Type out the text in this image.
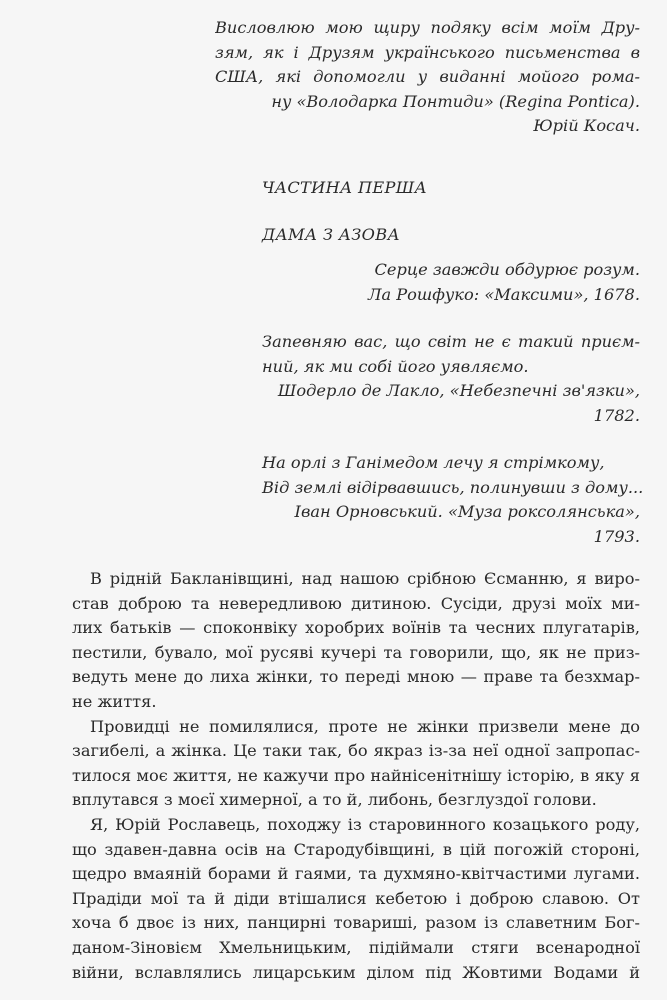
Висловлюю мою щиру подяку всім моїм Дру-
зям, як і Друзям українського письменства в
США, які допомогли у виданні мойого рома-
ну «Володарка Понтиди» (Regina Pontica).
Юрій Косач.
ЧАСТИНА ПЕРША
ДАМА З АЗОВА
Серце завжди обдурює розум.
Ла Рошфуко: «Максими», 1678.
Запевняю вас, що світ не є такий приєм-
ний, як ми собі його уявляємо.
Шодерло де Лакло, «Небезпечні зв'язки»,
1782.
На орлі з Ганімедом лечу я стрімкому,
Від землі відірвавшись, полинувши з дому...
Іван Орновський. «Муза роксолянська»,
1793.
В рідній Бакланівщині, над нашою срібною Єсманню, я виро-
став доброю та невередливою дитиною. Сусіди, друзі моїх ми-
лих батьків — споконвіку хоробрих воїнів та чесних плугатарів,
пестили, бувало, мої русяві кучері та говорили, що, як не приз-
ведуть мене до лиха жінки, то переді мною — праве та безхмар-
не життя.
Провидці не помилялися, проте не жінки призвели мене до
загибелі, а жінка. Це таки так, бо якраз із-за неї одної запропас-
тилося моє життя, не кажучи про найнісенітнішу історію, в яку я
вплутався з моєї химерної, а то й, либонь, безглуздої голови.
Я, Юрій Рославець, походжу із старовинного козацького роду,
що здавен-давна осів на Стародубівщині, в цій погожій стороні,
щедро вмаяній борами й гаями, та духмяно-квітчастими лугами.
Прадіди мої та й діди втішалися кебетою і доброю славою. От
хоча б двоє із них, панцирні товариші, разом із славетним Бог-
даном-Зіновієм Хмельницьким, підіймали стяги всенародної
війни, вславлялись лицарським ділом під Жовтими Водами й
